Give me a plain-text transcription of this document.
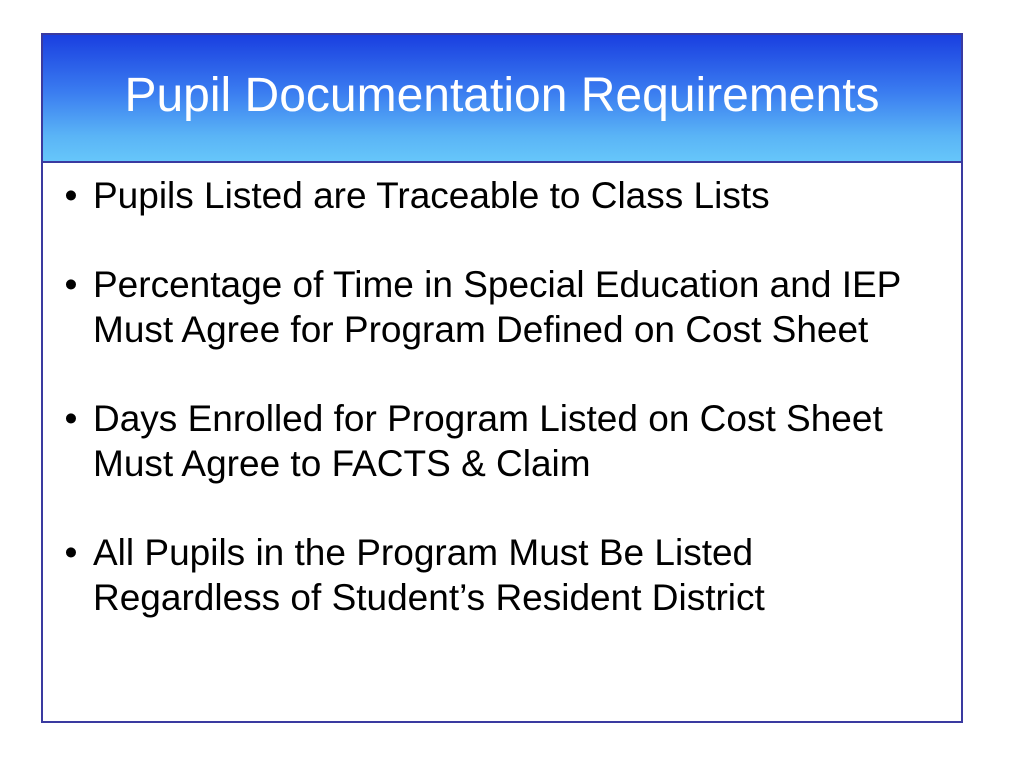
Pupil Documentation Requirements
• Pupils Listed are Traceable to Class Lists
• Percentage of Time in Special Education and IEP Must Agree for Program Defined on Cost Sheet
• Days Enrolled for Program Listed on Cost Sheet Must Agree to FACTS & Claim
• All Pupils in the Program Must Be Listed Regardless of Student’s Resident District
